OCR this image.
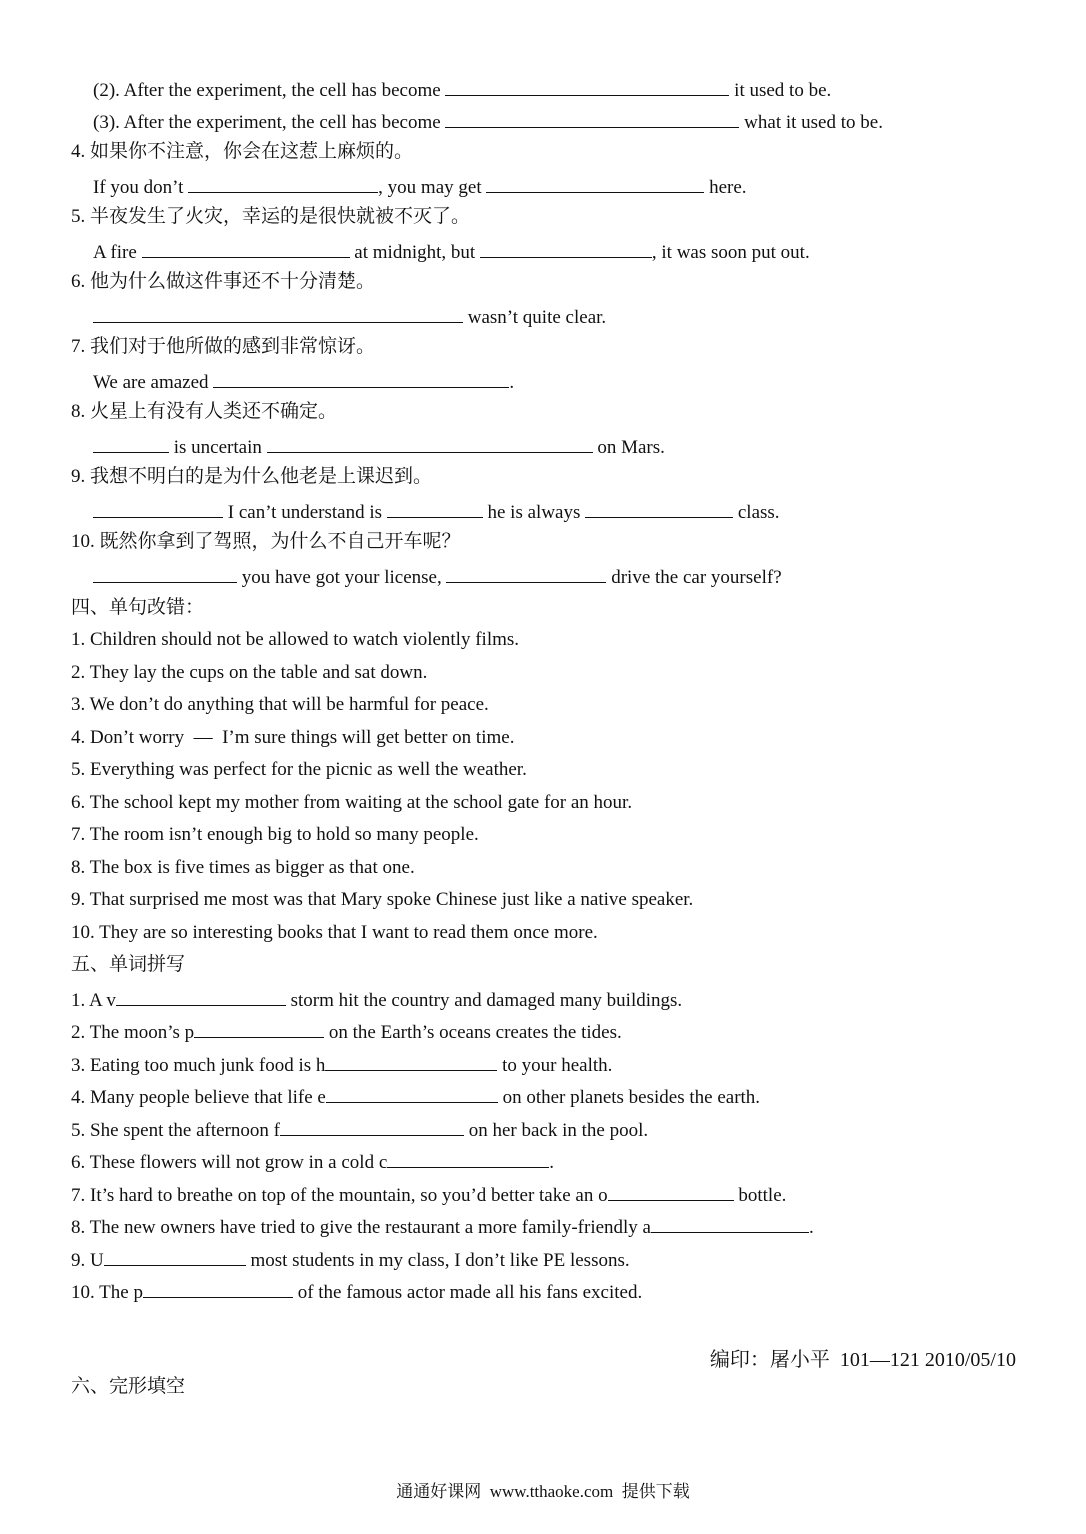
(2). After the experiment, the cell has become	it used to be.
(3). After the experiment, the cell has become	what it used to be.
4. 如果你不注意，你会在这惹上麻烦的。
If you don’t	, you may get	here.
5. 半夜发生了火灾，幸运的是很快就被不灭了。
A fire	at midnight, but	, it was soon put out.
6. 他为什么做这件事还不十分清楚。
wasn’t quite clear.
7. 我们对于他所做的感到非常惊讶。
We are amazed	.
8. 火星上有没有人类还不确定。
is uncertain	on Mars.
9. 我想不明白的是为什么他老是上课迟到。
I can’t understand is	he is always	class.
10. 既然你拿到了驾照，为什么不自己开车呢？
you have got your license,	drive the car yourself?
四、单句改错：
1. Children should not be allowed to watch violently films.
2. They lay the cups on the table and sat down.
3. We don’t do anything that will be harmful for peace.
4. Don’t worry  —  I’m sure things will get better on time.
5. Everything was perfect for the picnic as well the weather.
6. The school kept my mother from waiting at the school gate for an hour.
7. The room isn’t enough big to hold so many people.
8. The box is five times as bigger as that one.
9. That surprised me most was that Mary spoke Chinese just like a native speaker.
10. They are so interesting books that I want to read them once more.
五、单词拼写
1. A v	storm hit the country and damaged many buildings.
2. The moon’s p	on the Earth’s oceans creates the tides.
3. Eating too much junk food is h	to your health.
4. Many people believe that life e	on other planets besides the earth.
5. She spent the afternoon f	on her back in the pool.
6. These flowers will not grow in a cold c	.
7. It’s hard to breathe on top of the mountain, so you’d better take an o	bottle.
8. The new owners have tried to give the restaurant a more family-friendly a	.
9. U	most students in my class, I don’t like PE lessons.
10. The p	of the famous actor made all his fans excited.
编印：屠小平  101—121 2010/05/10
六、完形填空
通通好课网  www.tthaoke.com  提供下载
